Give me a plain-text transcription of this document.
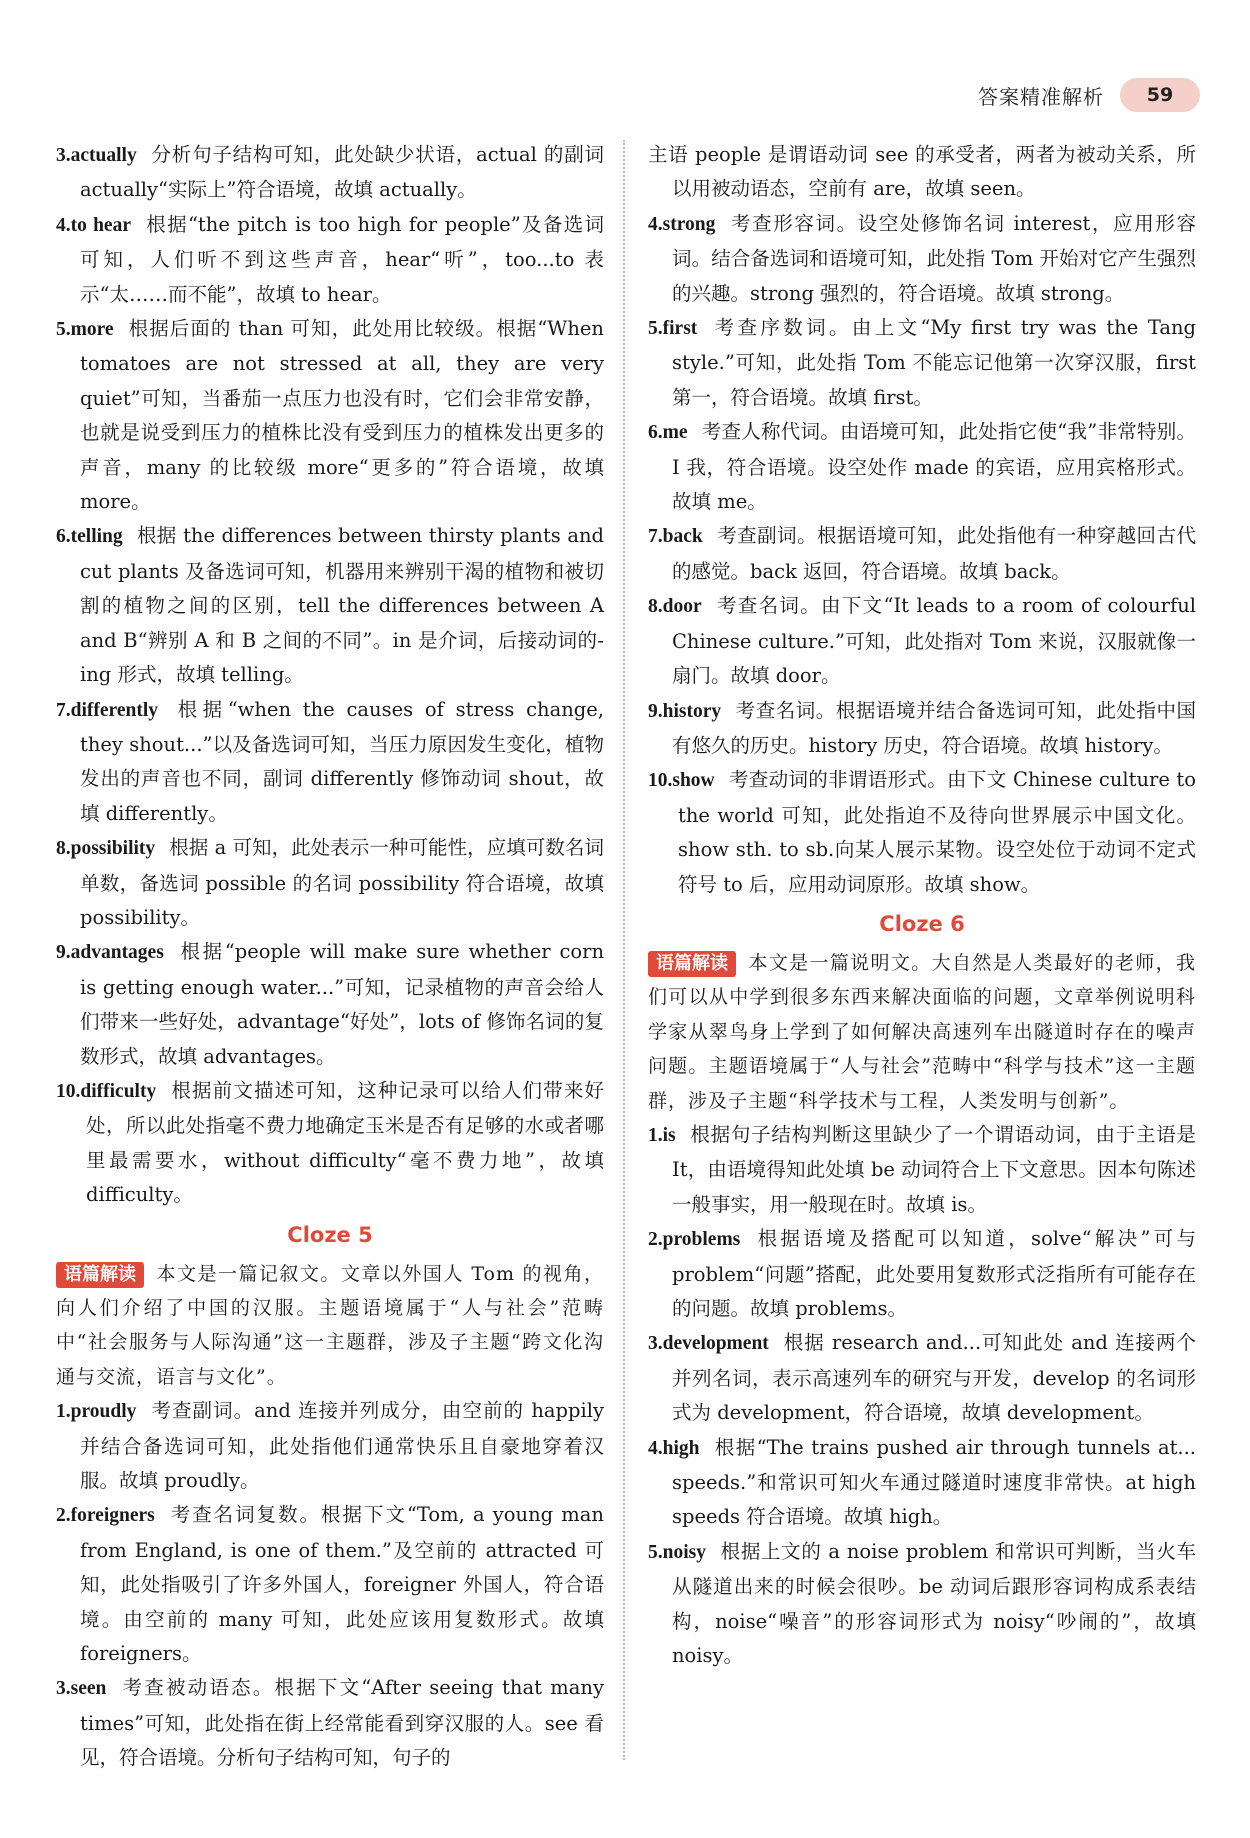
答案精准解析	59
3.actually 分析句子结构可知，此处缺少状语，actual 的副词 actually“实际上”符合语境，故填 actually。
4.to hear 根据“the pitch is too high for people”及备选词可知，人们听不到这些声音，hear“听”，too...to 表示“太……而不能”，故填 to hear。
5.more 根据后面的 than 可知，此处用比较级。根据“When tomatoes are not stressed at all, they are very quiet”可知，当番茄一点压力也没有时，它们会非常安静，也就是说受到压力的植株比没有受到压力的植株发出更多的声音，many 的比较级 more“更多的”符合语境，故填 more。
6.telling 根据 the differences between thirsty plants and cut plants 及备选词可知，机器用来辨别干渴的植物和被切割的植物之间的区别，tell the differences between A and B“辨别 A 和 B 之间的不同”。in 是介词，后接动词的-ing 形式，故填 telling。
7.differently 根据“when the causes of stress change, they shout...”以及备选词可知，当压力原因发生变化，植物发出的声音也不同，副词 differently 修饰动词 shout，故填 differently。
8.possibility 根据 a 可知，此处表示一种可能性，应填可数名词单数，备选词 possible 的名词 possibility 符合语境，故填 possibility。
9.advantages 根据“people will make sure whether corn is getting enough water...”可知，记录植物的声音会给人们带来一些好处，advantage“好处”，lots of 修饰名词的复数形式，故填 advantages。
10.difficulty 根据前文描述可知，这种记录可以给人们带来好处，所以此处指毫不费力地确定玉米是否有足够的水或者哪里最需要水，without difficulty“毫不费力地”，故填 difficulty。
Cloze 5
语篇解读 本文是一篇记叙文。文章以外国人 Tom 的视角，向人们介绍了中国的汉服。主题语境属于“人与社会”范畴中“社会服务与人际沟通”这一主题群，涉及子主题“跨文化沟通与交流，语言与文化”。
1.proudly 考查副词。and 连接并列成分，由空前的 happily 并结合备选词可知，此处指他们通常快乐且自豪地穿着汉服。故填 proudly。
2.foreigners 考查名词复数。根据下文“Tom, a young man from England, is one of them.”及空前的 attracted 可知，此处指吸引了许多外国人，foreigner 外国人，符合语境。由空前的 many 可知，此处应该用复数形式。故填 foreigners。
3.seen 考查被动语态。根据下文“After seeing that many times”可知，此处指在街上经常能看到穿汉服的人。see 看见，符合语境。分析句子结构可知，句子的
主语 people 是谓语动词 see 的承受者，两者为被动关系，所以用被动语态，空前有 are，故填 seen。
4.strong 考查形容词。设空处修饰名词 interest，应用形容词。结合备选词和语境可知，此处指 Tom 开始对它产生强烈的兴趣。strong 强烈的，符合语境。故填 strong。
5.first 考查序数词。由上文“My first try was the Tang style.”可知，此处指 Tom 不能忘记他第一次穿汉服，first 第一，符合语境。故填 first。
6.me 考查人称代词。由语境可知，此处指它使“我”非常特别。I 我，符合语境。设空处作 made 的宾语，应用宾格形式。故填 me。
7.back 考查副词。根据语境可知，此处指他有一种穿越回古代的感觉。back 返回，符合语境。故填 back。
8.door 考查名词。由下文“It leads to a room of colourful Chinese culture.”可知，此处指对 Tom 来说，汉服就像一扇门。故填 door。
9.history 考查名词。根据语境并结合备选词可知，此处指中国有悠久的历史。history 历史，符合语境。故填 history。
10.show 考查动词的非谓语形式。由下文 Chinese culture to the world 可知，此处指迫不及待向世界展示中国文化。show sth. to sb.向某人展示某物。设空处位于动词不定式符号 to 后，应用动词原形。故填 show。
Cloze 6
语篇解读 本文是一篇说明文。大自然是人类最好的老师，我们可以从中学到很多东西来解决面临的问题，文章举例说明科学家从翠鸟身上学到了如何解决高速列车出隧道时存在的噪声问题。主题语境属于“人与社会”范畴中“科学与技术”这一主题群，涉及子主题“科学技术与工程，人类发明与创新”。
1.is 根据句子结构判断这里缺少了一个谓语动词，由于主语是 It，由语境得知此处填 be 动词符合上下文意思。因本句陈述一般事实，用一般现在时。故填 is。
2.problems 根据语境及搭配可以知道，solve“解决”可与 problem“问题”搭配，此处要用复数形式泛指所有可能存在的问题。故填 problems。
3.development 根据 research and...可知此处 and 连接两个并列名词，表示高速列车的研究与开发，develop 的名词形式为 development，符合语境，故填 development。
4.high 根据“The trains pushed air through tunnels at... speeds.”和常识可知火车通过隧道时速度非常快。at high speeds 符合语境。故填 high。
5.noisy 根据上文的 a noise problem 和常识可判断，当火车从隧道出来的时候会很吵。be 动词后跟形容词构成系表结构，noise“噪音”的形容词形式为 noisy“吵闹的”，故填 noisy。
